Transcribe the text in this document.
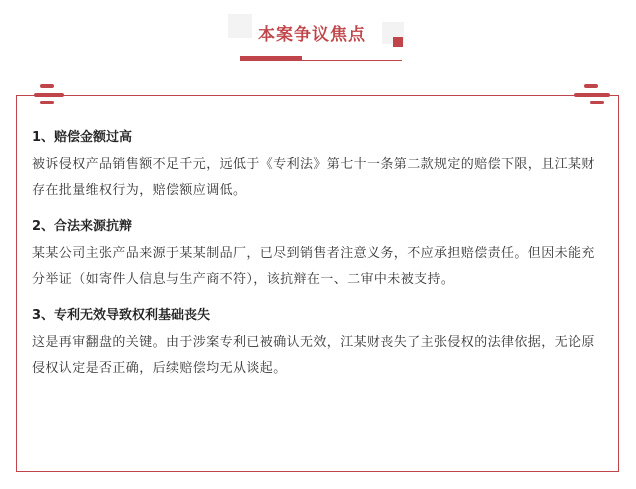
本案争议焦点

1、赔偿金额过高

被诉侵权产品销售额不足千元，远低于《专利法》第七十一条第二款规定的赔偿下限，且江某财存在批量维权行为，赔偿额应调低。

2、合法来源抗辩

某某公司主张产品来源于某某制品厂，已尽到销售者注意义务，不应承担赔偿责任。但因未能充分举证（如寄件人信息与生产商不符），该抗辩在一、二审中未被支持。

3、专利无效导致权利基础丧失

这是再审翻盘的关键。由于涉案专利已被确认无效，江某财丧失了主张侵权的法律依据，无论原侵权认定是否正确，后续赔偿均无从谈起。
